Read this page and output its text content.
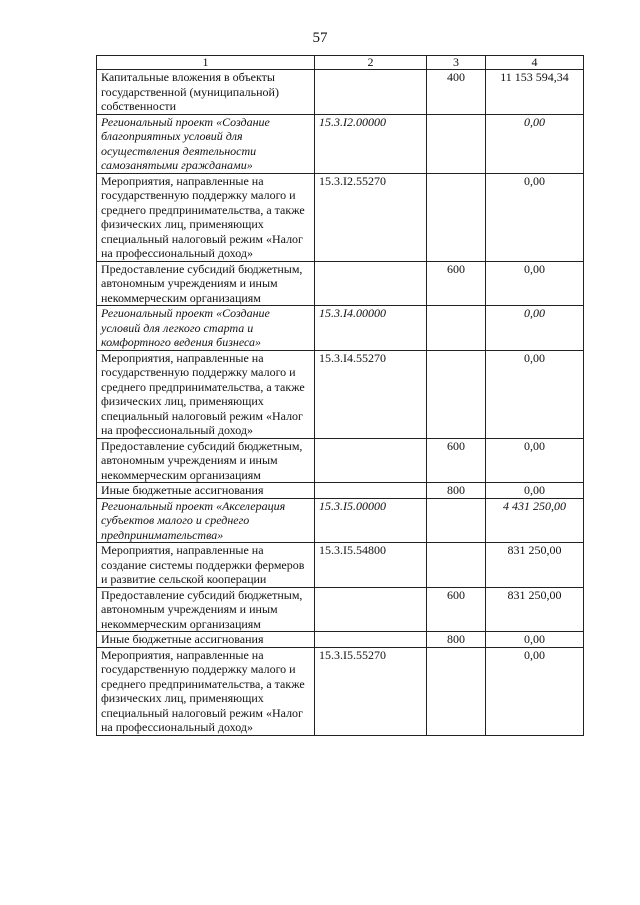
57
1	2	3	4
Капитальные вложения в объекты государственной (муниципальной) собственности		400	11 153 594,34
Региональный проект «Создание благоприятных условий для осуществления деятельности самозанятыми гражданами»	15.3.I2.00000		0,00
Мероприятия, направленные на государственную поддержку малого и среднего предпринимательства, а также физических лиц, применяющих специальный налоговый режим «Налог на профессиональный доход»	15.3.I2.55270		0,00
Предоставление субсидий бюджетным, автономным учреждениям и иным некоммерческим организациям		600	0,00
Региональный проект «Создание условий для легкого старта и комфортного ведения бизнеса»	15.3.I4.00000		0,00
Мероприятия, направленные на государственную поддержку малого и среднего предпринимательства, а также физических лиц, применяющих специальный налоговый режим «Налог на профессиональный доход»	15.3.I4.55270		0,00
Предоставление субсидий бюджетным, автономным учреждениям и иным некоммерческим организациям		600	0,00
Иные бюджетные ассигнования		800	0,00
Региональный проект «Акселерация субъектов малого и среднего предпринимательства»	15.3.I5.00000		4 431 250,00
Мероприятия, направленные на создание системы поддержки фермеров и развитие сельской кооперации	15.3.I5.54800		831 250,00
Предоставление субсидий бюджетным, автономным учреждениям и иным некоммерческим организациям		600	831 250,00
Иные бюджетные ассигнования		800	0,00
Мероприятия, направленные на государственную поддержку малого и среднего предпринимательства, а также физических лиц, применяющих специальный налоговый режим «Налог на профессиональный доход»	15.3.I5.55270		0,00
